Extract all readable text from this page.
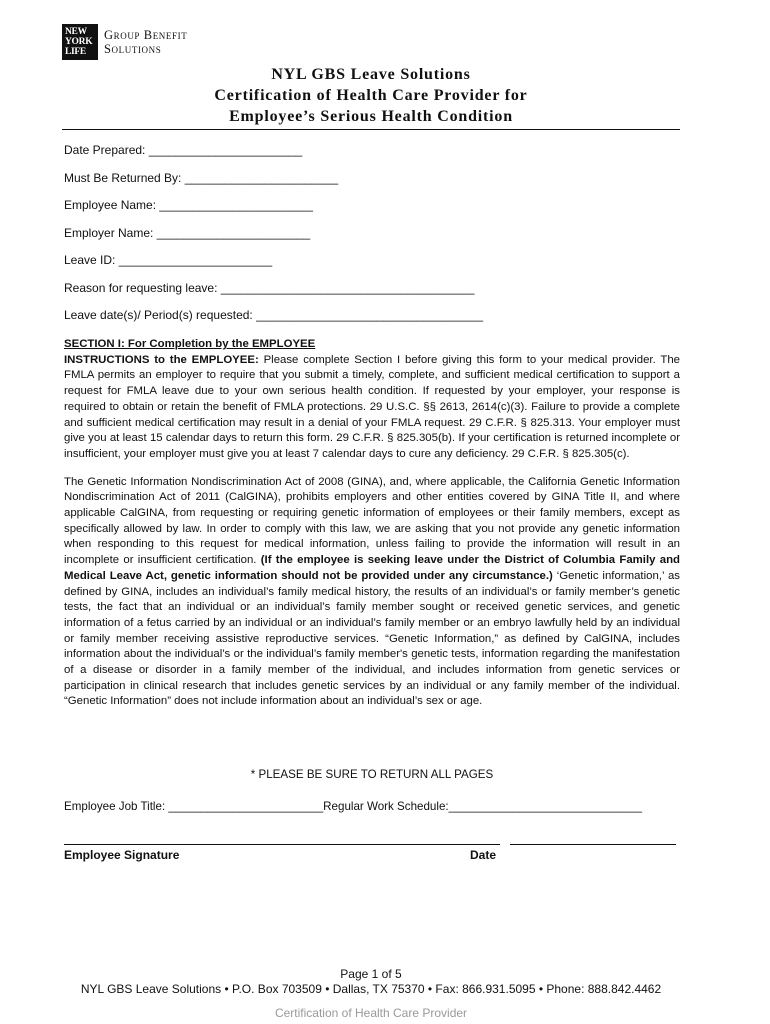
NEW
YORK
LIFE
Group Benefit
Solutions
NYL GBS Leave Solutions
Certification of Health Care Provider for
Employee’s Serious Health Condition
Date Prepared: _______________________
Must Be Returned By: _______________________
Employee Name: _______________________
Employer Name: _______________________
Leave ID: _______________________
Reason for requesting leave: ______________________________________
Leave date(s)/ Period(s) requested: __________________________________
SECTION I: For Completion by the EMPLOYEE

INSTRUCTIONS to the EMPLOYEE: Please complete Section I before giving this form to your medical provider. The FMLA permits an employer to require that you submit a timely, complete, and sufficient medical certification to support a request for FMLA leave due to your own serious health condition. If requested by your employer, your response is required to obtain or retain the benefit of FMLA protections. 29 U.S.C. §§ 2613, 2614(c)(3). Failure to provide a complete and sufficient medical certification may result in a denial of your FMLA request. 29 C.F.R. § 825.313. Your employer must give you at least 15 calendar days to return this form. 29 C.F.R. § 825.305(b). If your certification is returned incomplete or insufficient, your employer must give you at least 7 calendar days to cure any deficiency. 29 C.F.R. § 825.305(c).

The Genetic Information Nondiscrimination Act of 2008 (GINA), and, where applicable, the California Genetic Information Nondiscrimination Act of 2011 (CalGINA), prohibits employers and other entities covered by GINA Title II, and where applicable CalGINA, from requesting or requiring genetic information of employees or their family members, except as specifically allowed by law. In order to comply with this law, we are asking that you not provide any genetic information when responding to this request for medical information, unless failing to provide the information will result in an incomplete or insufficient certification. (If the employee is seeking leave under the District of Columbia Family and Medical Leave Act, genetic information should not be provided under any circumstance.) ‘Genetic information,’ as defined by GINA, includes an individual’s family medical history, the results of an individual’s or family member’s genetic tests, the fact that an individual or an individual’s family member sought or received genetic services, and genetic information of a fetus carried by an individual or an individual’s family member or an embryo lawfully held by an individual or family member receiving assistive reproductive services. “Genetic Information,” as defined by CalGINA, includes information about the individual’s or the individual’s family member's genetic tests, information regarding the manifestation of a disease or disorder in a family member of the individual, and includes information from genetic services or participation in clinical research that includes genetic services by an individual or any family member of the individual. “Genetic Information” does not include information about an individual’s sex or age.

* PLEASE BE SURE TO RETURN ALL PAGES
Employee Job Title: ________________________Regular Work Schedule:______________________________
Employee Signature	Date
Page 1 of 5
NYL GBS Leave Solutions • P.O. Box 703509 • Dallas, TX 75370 • Fax: 866.931.5095 • Phone: 888.842.4462
Certification of Health Care Provider
